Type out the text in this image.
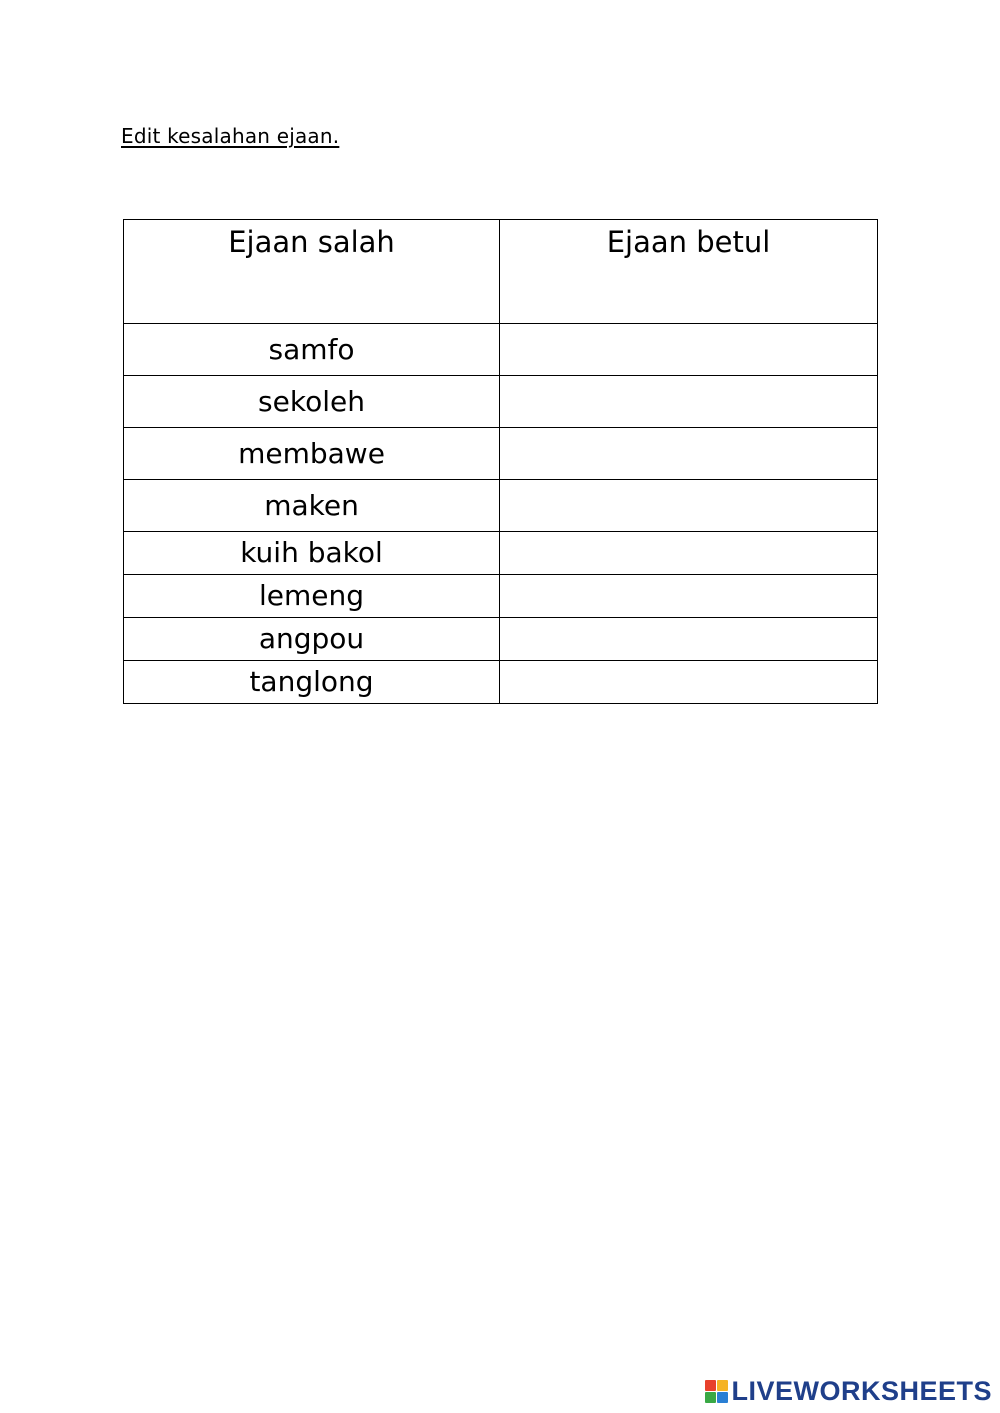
Edit kesalahan ejaan.
Ejaan salah	Ejaan betul
samfo	
sekoleh	
membawe	
maken	
kuih bakol	
lemeng	
angpou	
tanglong	
LIVEWORKSHEETS
